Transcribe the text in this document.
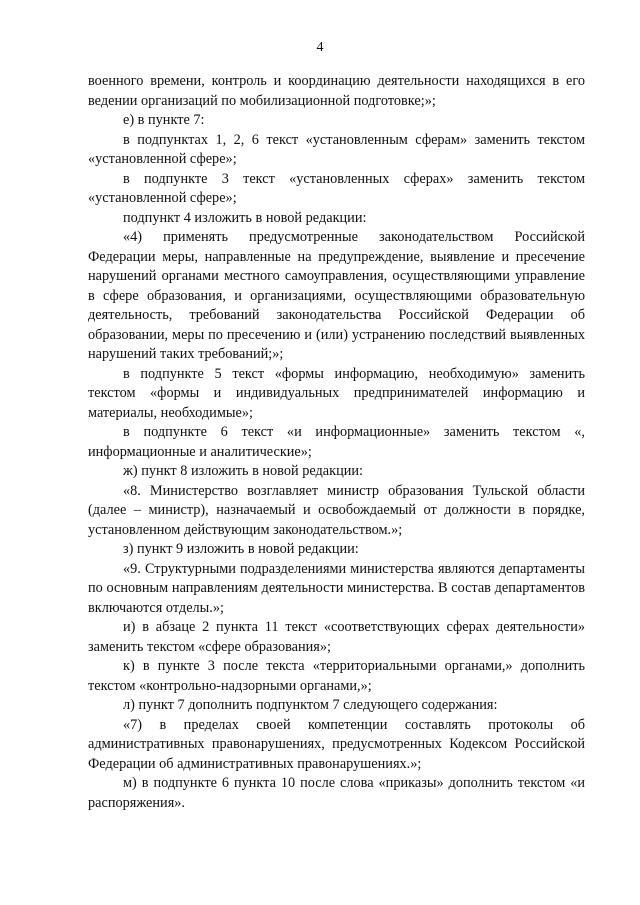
4

военного времени, контроль и координацию деятельности находящихся в его ведении организаций по мобилизационной подготовке;»;

е) в пункте 7:

в подпунктах 1, 2, 6 текст «установленным сферам» заменить текстом «установленной сфере»;

в подпункте 3 текст «установленных сферах» заменить текстом «установленной сфере»;

подпункт 4 изложить в новой редакции:

«4) применять предусмотренные законодательством Российской Федерации меры, направленные на предупреждение, выявление и пресечение нарушений органами местного самоуправления, осуществляющими управление в сфере образования, и организациями, осуществляющими образовательную деятельность, требований законодательства Российской Федерации об образовании, меры по пресечению и (или) устранению последствий выявленных нарушений таких требований;»;

в подпункте 5 текст «формы информацию, необходимую» заменить текстом «формы и индивидуальных предпринимателей информацию и материалы, необходимые»;

в подпункте 6 текст «и информационные» заменить текстом «, информационные и аналитические»;

ж) пункт 8 изложить в новой редакции:

«8. Министерство возглавляет министр образования Тульской области (далее – министр), назначаемый и освобождаемый от должности в порядке, установленном действующим законодательством.»;

з) пункт 9 изложить в новой редакции:

«9. Структурными подразделениями министерства являются департаменты по основным направлениям деятельности министерства. В состав департаментов включаются отделы.»;

и) в абзаце 2 пункта 11 текст «соответствующих сферах деятельности» заменить текстом «сфере образования»;

к) в пункте 3 после текста «территориальными органами,» дополнить текстом «контрольно-надзорными органами,»;

л) пункт 7 дополнить подпунктом 7 следующего содержания:

«7) в пределах своей компетенции составлять протоколы об административных правонарушениях, предусмотренных Кодексом Российской Федерации об административных правонарушениях.»;

м) в подпункте 6 пункта 10 после слова «приказы» дополнить текстом «и распоряжения».
